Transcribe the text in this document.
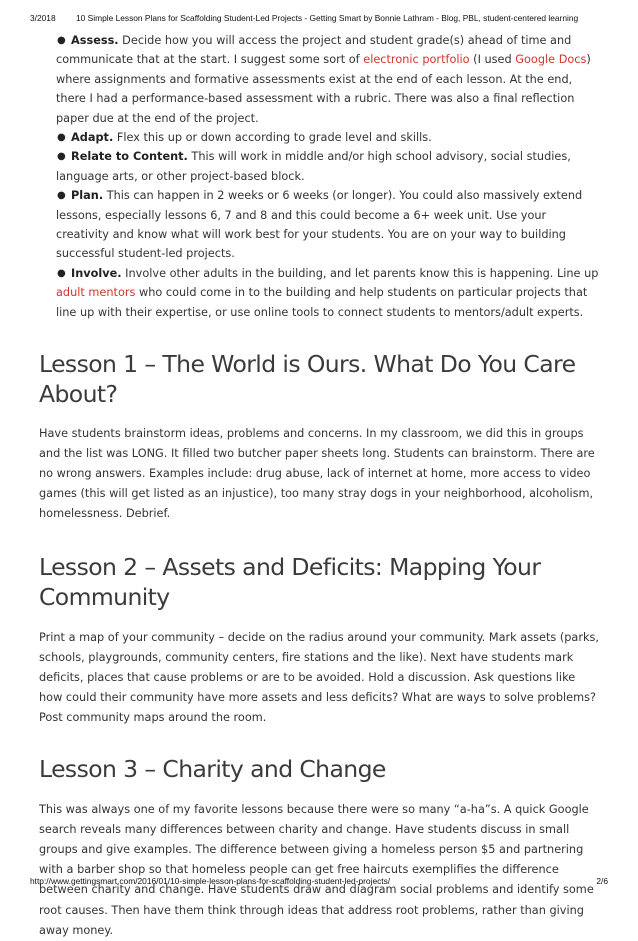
3/2018 10 Simple Lesson Plans for Scaffolding Student-Led Projects - Getting Smart by Bonnie Lathram - Blog, PBL, student-centered learning
● Assess. Decide how you will access the project and student grade(s) ahead of time and communicate that at the start. I suggest some sort of electronic portfolio (I used Google Docs) where assignments and formative assessments exist at the end of each lesson. At the end, there I had a performance-based assessment with a rubric. There was also a final reflection paper due at the end of the project.
● Adapt. Flex this up or down according to grade level and skills.
● Relate to Content. This will work in middle and/or high school advisory, social studies, language arts, or other project-based block.
● Plan. This can happen in 2 weeks or 6 weeks (or longer). You could also massively extend lessons, especially lessons 6, 7 and 8 and this could become a 6+ week unit. Use your creativity and know what will work best for your students. You are on your way to building successful student-led projects.
● Involve. Involve other adults in the building, and let parents know this is happening. Line up adult mentors who could come in to the building and help students on particular projects that line up with their expertise, or use online tools to connect students to mentors/adult experts.
Lesson 1 – The World is Ours. What Do You Care About?

Have students brainstorm ideas, problems and concerns. In my classroom, we did this in groups and the list was LONG. It filled two butcher paper sheets long. Students can brainstorm. There are no wrong answers. Examples include: drug abuse, lack of internet at home, more access to video games (this will get listed as an injustice), too many stray dogs in your neighborhood, alcoholism, homelessness. Debrief.

Lesson 2 – Assets and Deficits: Mapping Your Community

Print a map of your community – decide on the radius around your community. Mark assets (parks, schools, playgrounds, community centers, fire stations and the like). Next have students mark deficits, places that cause problems or are to be avoided. Hold a discussion. Ask questions like how could their community have more assets and less deficits? What are ways to solve problems? Post community maps around the room.

Lesson 3 – Charity and Change

This was always one of my favorite lessons because there were so many “a-ha”s. A quick Google search reveals many differences between charity and change. Have students discuss in small groups and give examples. The difference between giving a homeless person $5 and partnering with a barber shop so that homeless people can get free haircuts exemplifies the difference between charity and change. Have students draw and diagram social problems and identify some root causes. Then have them think through ideas that address root problems, rather than giving away money.

http://www.gettingsmart.com/2016/01/10-simple-lesson-plans-for-scaffolding-student-led-projects/	2/6
